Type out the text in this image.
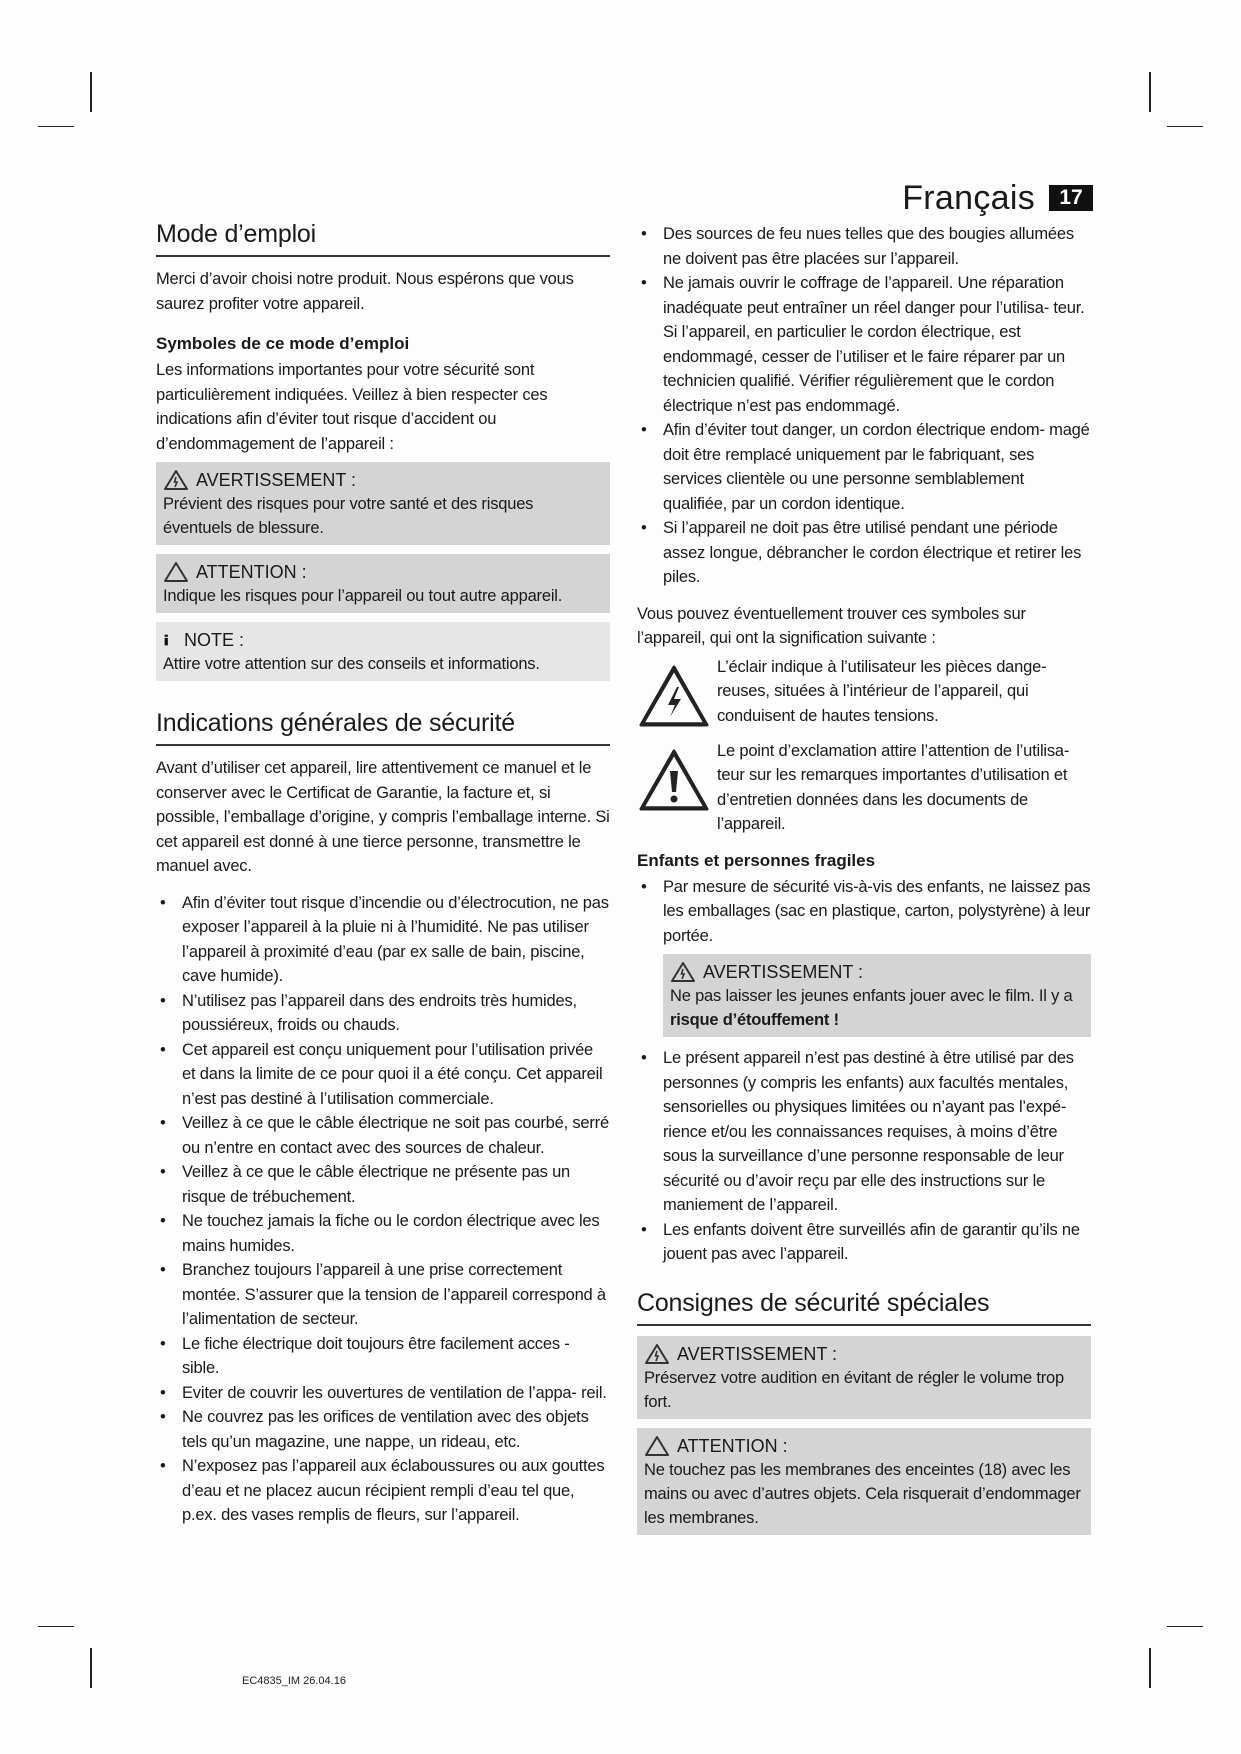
Français	17
Mode d’emploi

Merci d’avoir choisi notre produit. Nous espérons que vous saurez profiter votre appareil.

Symboles de ce mode d’emploi

Les informations importantes pour votre sécurité sont particulièrement indiquées. Veillez à bien respecter ces indications afin d’éviter tout risque d’accident ou d’endommagement de l’appareil :

AVERTISSEMENT :
Prévient des risques pour votre santé et des risques éventuels de blessure.
ATTENTION :
Indique les risques pour l’appareil ou tout autre appareil.
NOTE :
Attire votre attention sur des conseils et informations.
Indications générales de sécurité

Avant d’utiliser cet appareil, lire attentivement ce manuel et le conserver avec le Certificat de Garantie, la facture et, si possible, l’emballage d’origine, y compris l’emballage interne. Si cet appareil est donné à une tierce personne, transmettre le manuel avec.

• Afin d’éviter tout risque d’incendie ou d’électrocution, ne pas exposer l’appareil à la pluie ni à l’humidité. Ne pas utiliser l’appareil à proximité d’eau (par ex salle de bain, piscine, cave humide).
• N’utilisez pas l’appareil dans des endroits très humides, poussiéreux, froids ou chauds.
• Cet appareil est conçu uniquement pour l’utilisation privée et dans la limite de ce pour quoi il a été conçu. Cet appareil n’est pas destiné à l’utilisation commerciale.
• Veillez à ce que le câble électrique ne soit pas courbé, serré ou n’entre en contact avec des sources de chaleur.
• Veillez à ce que le câble électrique ne présente pas un risque de trébuchement.
• Ne touchez jamais la fiche ou le cordon électrique avec les mains humides.
• Branchez toujours l’appareil à une prise correctement montée. S’assurer que la tension de l’appareil correspond à l’alimentation de secteur.
• Le fiche électrique doit toujours être facilement acces - sible.
• Eviter de couvrir les ouvertures de ventilation de l’appa- reil.
• Ne couvrez pas les orifices de ventilation avec des objets tels qu’un magazine, une nappe, un rideau, etc.
• N’exposez pas l’appareil aux éclaboussures ou aux gouttes d’eau et ne placez aucun récipient rempli d’eau tel que, p.ex. des vases remplis de fleurs, sur l’appareil.
• Des sources de feu nues telles que des bougies allumées ne doivent pas être placées sur l’appareil.
• Ne jamais ouvrir le coffrage de l’appareil. Une réparation inadéquate peut entraîner un réel danger pour l’utilisa- teur. Si l’appareil, en particulier le cordon électrique, est endommagé, cesser de l’utiliser et le faire réparer par un technicien qualifié. Vérifier régulièrement que le cordon électrique n’est pas endommagé.
• Afin d’éviter tout danger, un cordon électrique endom- magé doit être remplacé uniquement par le fabriquant, ses services clientèle ou une personne semblablement qualifiée, par un cordon identique.
• Si l’appareil ne doit pas être utilisé pendant une période assez longue, débrancher le cordon électrique et retirer les piles.

Vous pouvez éventuellement trouver ces symboles sur l’appareil, qui ont la signification suivante :

L’éclair indique à l’utilisateur les pièces dange- reuses, situées à l’intérieur de l’appareil, qui conduisent de hautes tensions.
Le point d’exclamation attire l’attention de l’utilisa- teur sur les remarques importantes d’utilisation et d’entretien données dans les documents de l’appareil.
Enfants et personnes fragiles
• Par mesure de sécurité vis-à-vis des enfants, ne laissez pas les emballages (sac en plastique, carton, polystyrène) à leur portée.
AVERTISSEMENT :
Ne pas laisser les jeunes enfants jouer avec le film. Il y a risque d’étouffement !
• Le présent appareil n’est pas destiné à être utilisé par des personnes (y compris les enfants) aux facultés mentales, sensorielles ou physiques limitées ou n’ayant pas l’expé- rience et/ou les connaissances requises, à moins d’être sous la surveillance d’une personne responsable de leur sécurité ou d’avoir reçu par elle des instructions sur le maniement de l’appareil.
• Les enfants doivent être surveillés afin de garantir qu’ils ne jouent pas avec l’appareil.
Consignes de sécurité spéciales
AVERTISSEMENT :
Préservez votre audition en évitant de régler le volume trop fort.
ATTENTION :
Ne touchez pas les membranes des enceintes (18) avec les mains ou avec d’autres objets. Cela risquerait d’endommager les membranes.
EC4835_IM 26.04.16
